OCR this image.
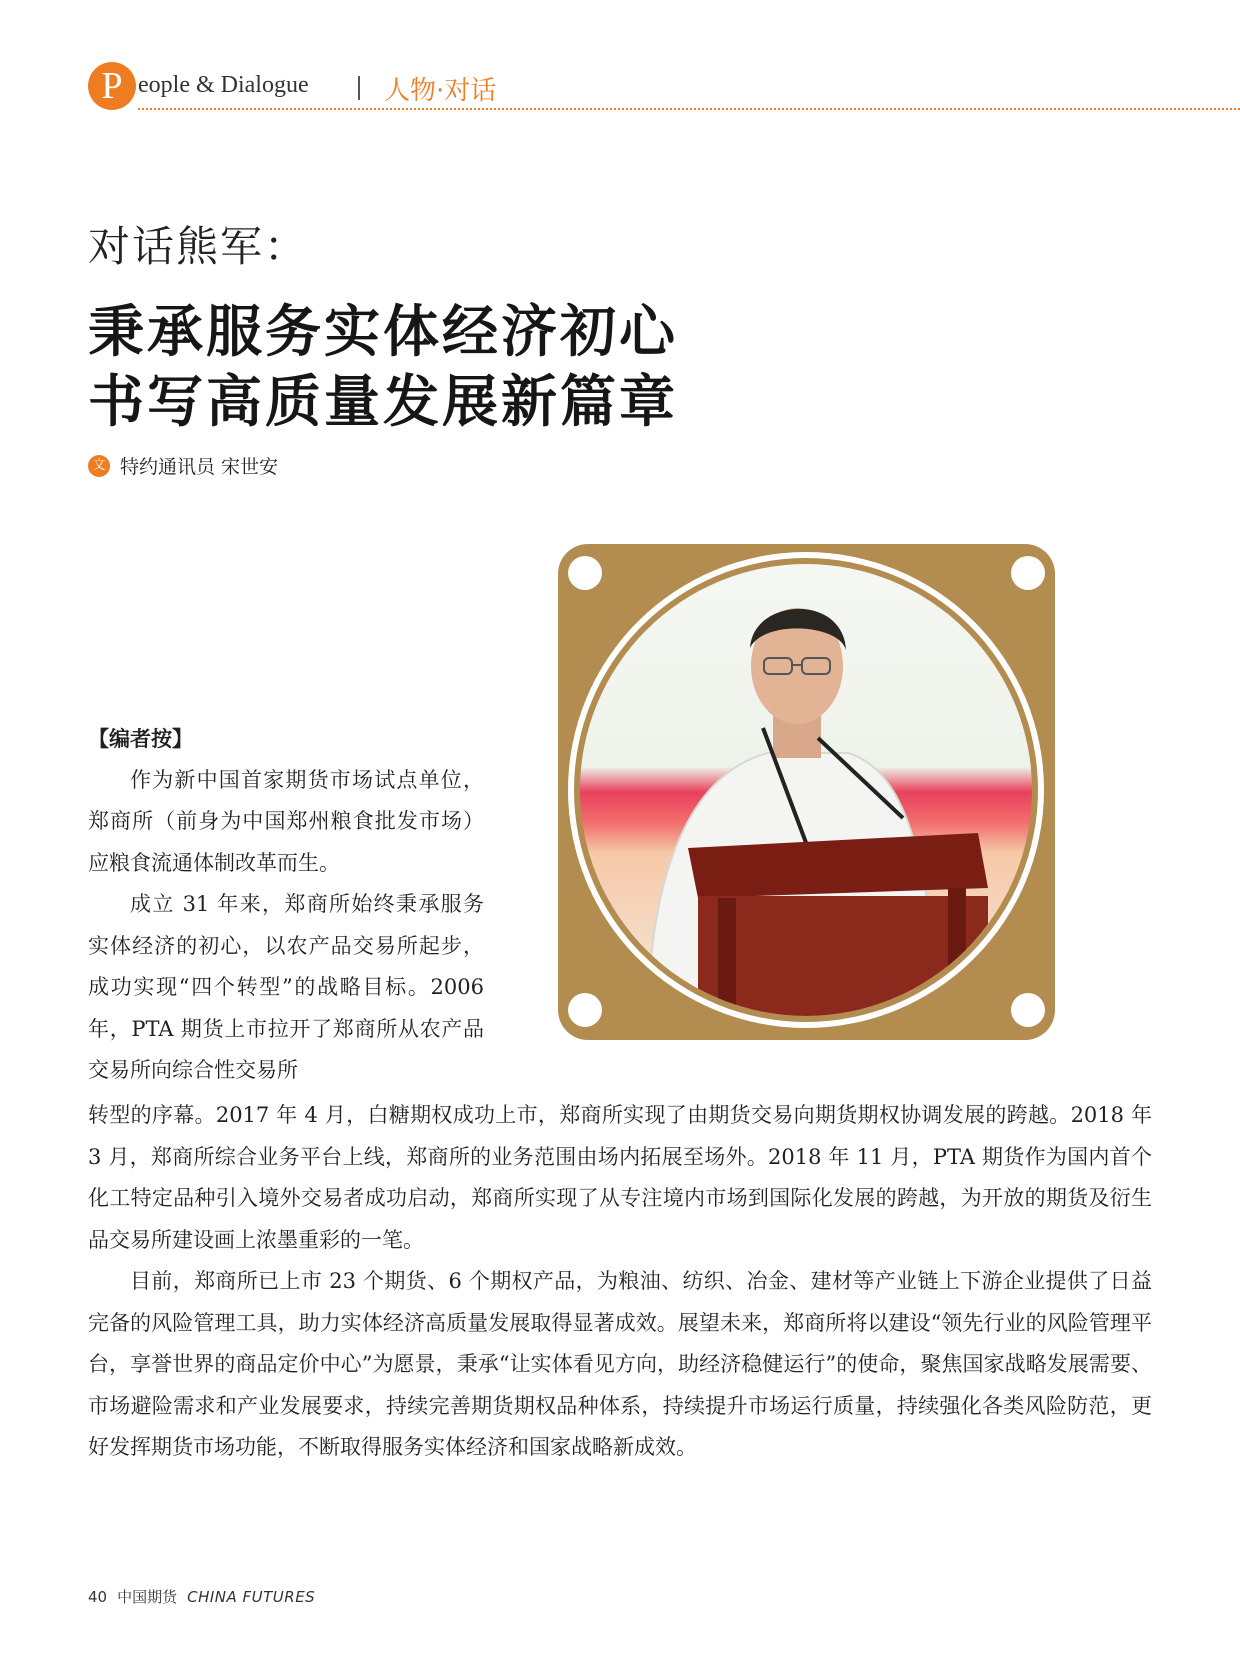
P eople & Dialogue	人物·对话
对话熊军：
秉承服务实体经济初心
书写高质量发展新篇章
文 特约通讯员 宋世安

【编者按】

作为新中国首家期货市场试点单位，郑商所（前身为中国郑州粮食批发市场）应粮食流通体制改革而生。

成立 31 年来，郑商所始终秉承服务实体经济的初心，以农产品交易所起步，成功实现“四个转型”的战略目标。2006 年，PTA 期货上市拉开了郑商所从农产品交易所向综合性交易所

转型的序幕。2017 年 4 月，白糖期权成功上市，郑商所实现了由期货交易向期货期权协调发展的跨越。2018 年 3 月，郑商所综合业务平台上线，郑商所的业务范围由场内拓展至场外。2018 年 11 月，PTA 期货作为国内首个化工特定品种引入境外交易者成功启动，郑商所实现了从专注境内市场到国际化发展的跨越，为开放的期货及衍生品交易所建设画上浓墨重彩的一笔。

目前，郑商所已上市 23 个期货、6 个期权产品，为粮油、纺织、冶金、建材等产业链上下游企业提供了日益完备的风险管理工具，助力实体经济高质量发展取得显著成效。展望未来，郑商所将以建设“领先行业的风险管理平台，享誉世界的商品定价中心”为愿景，秉承“让实体看见方向，助经济稳健运行”的使命，聚焦国家战略发展需要、市场避险需求和产业发展要求，持续完善期货期权品种体系，持续提升市场运行质量，持续强化各类风险防范，更好发挥期货市场功能，不断取得服务实体经济和国家战略新成效。

40 中国期货 CHINA FUTURES
